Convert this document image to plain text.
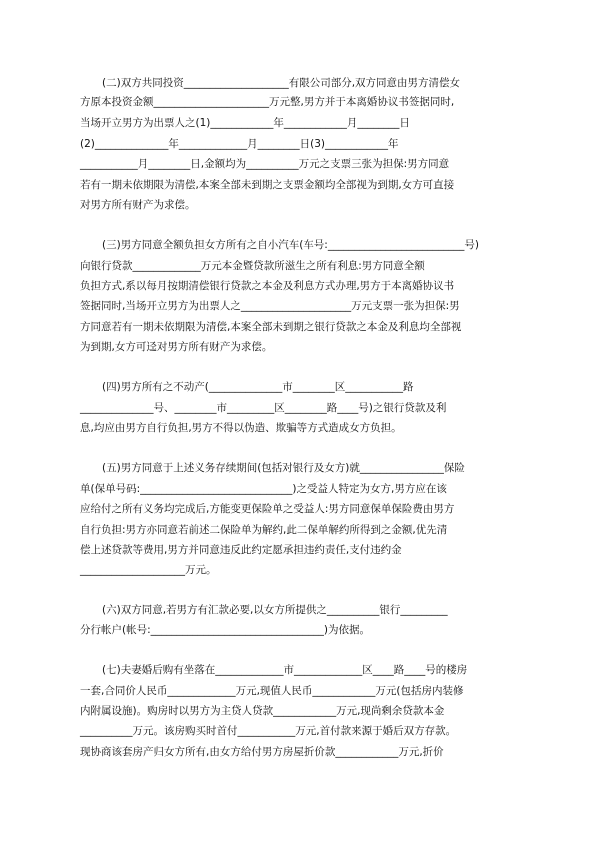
(二)双方共同投资____________________有限公司部分,双方同意由男方清偿女
方原本投资金额______________________万元整,男方并于本离婚协议书签据同时,
当场开立男方为出票人之(1)____________年____________月________日
(2)______________年_____________月________日(3)____________年
___________月________日,金额均为__________万元之支票三张为担保:男方同意
若有一期未依期限为清偿,本案全部未到期之支票金额均全部视为到期,女方可直接
对男方所有财产为求偿。
(三)男方同意全额负担女方所有之自小汽车(车号:__________________________号)
向银行贷款_____________万元本金暨贷款所滋生之所有利息:男方同意全额
负担方式,系以每月按期清偿银行贷款之本金及利息方式办理,男方于本离婚协议书
签据同时,当场开立男方为出票人之_____________________万元支票一张为担保:男
方同意若有一期未依期限为清偿,本案全部未到期之银行贷款之本金及利息均全部视
为到期,女方可迳对男方所有财产为求偿。
(四)男方所有之不动产(______________市________区___________路
______________号、________市_________区________路____号)之银行贷款及利
息,均应由男方自行负担,男方不得以伪造、欺骗等方式造成女方负担。
(五)男方同意于上述义务存续期间(包括对银行及女方)就________________保险
单(保单号码:_____________________________)之受益人特定为女方,男方应在该
应给付之所有义务均完成后,方能变更保险单之受益人:男方同意保单保险费由男方
自行负担:男方亦同意若前述二保险单为解约,此二保单解约所得到之金额,优先清
偿上述贷款等费用,男方并同意违反此约定愿承担违约责任,支付违约金
____________________万元。
(六)双方同意,若男方有汇款必要,以女方所提供之__________银行_________
分行帐户(帐号:_________________________________)为依据。
(七)夫妻婚后购有坐落在_____________市_____________区____路____号的楼房
一套,合同价人民币_____________万元,现值人民币____________万元(包括房内装修
内附属设施)。购房时以男方为主贷人贷款____________万元,现尚剩余贷款本金
__________万元。该房购买时首付___________万元,首付款来源于婚后双方存款。
现协商该套房产归女方所有,由女方给付男方房屋折价款____________万元,折价
